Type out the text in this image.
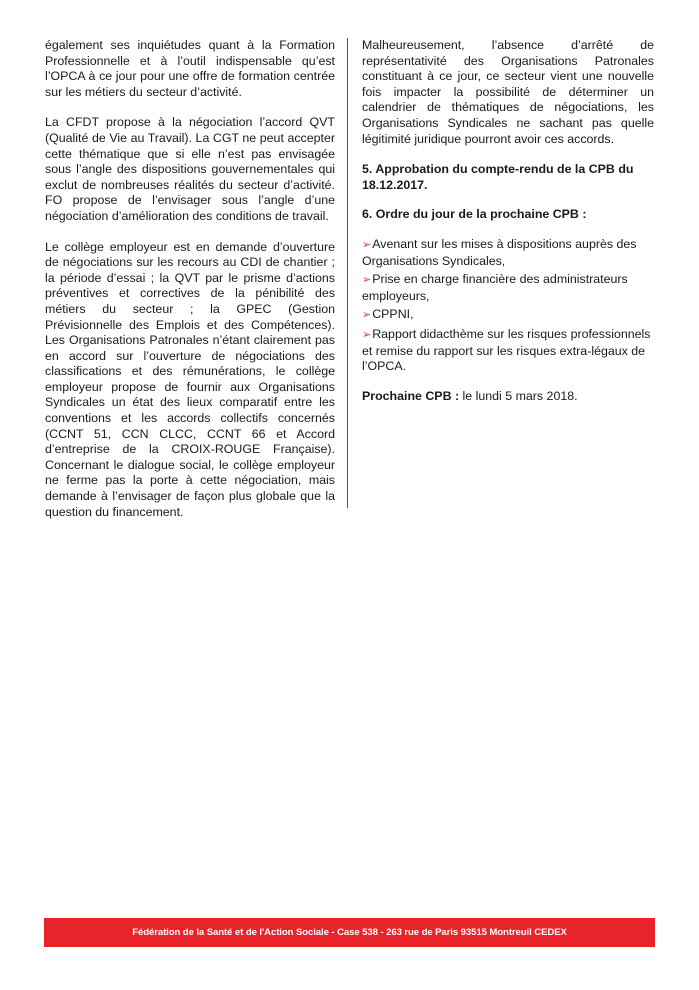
également ses inquiétudes quant à la Formation Professionnelle et à l’outil indispensable qu’est l’OPCA à ce jour pour une offre de formation centrée sur les métiers du secteur d’activité.

La CFDT propose à la négociation l’accord QVT (Qualité de Vie au Travail). La CGT ne peut accepter cette thématique que si elle n’est pas envisagée sous l’angle des dispositions gouvernementales qui exclut de nombreuses réalités du secteur d’activité. FO propose de l’envisager sous l’angle d’une négociation d’amélioration des conditions de travail.

Le collège employeur est en demande d’ouverture de négociations sur les recours au CDI de chantier ; la période d’essai ; la QVT par le prisme d’actions préventives et correctives de la pénibilité des métiers du secteur ; la GPEC (Gestion Prévisionnelle des Emplois et des Compétences). Les Organisations Patronales n’étant clairement pas en accord sur l’ouverture de négociations des classifications et des rémunérations, le collège employeur propose de fournir aux Organisations Syndicales un état des lieux comparatif entre les conventions et les accords collectifs concernés (CCNT 51, CCN CLCC, CCNT 66 et Accord d’entreprise de la CROIX-ROUGE Française). Concernant le dialogue social, le collège employeur ne ferme pas la porte à cette négociation, mais demande à l’envisager de façon plus globale que la question du financement.

Malheureusement, l’absence d’arrêté de représentativité des Organisations Patronales constituant à ce jour, ce secteur vient une nouvelle fois impacter la possibilité de déterminer un calendrier de thématiques de négociations, les Organisations Syndicales ne sachant pas quelle légitimité juridique pourront avoir ces accords.

5. Approbation du compte-rendu de la CPB du 18.12.2017.
6. Ordre du jour de la prochaine CPB :
➢Avenant sur les mises à dispositions auprès des Organisations Syndicales,
➢Prise en charge financière des administrateurs employeurs,
➢CPPNI,
➢Rapport didacthème sur les risques professionnels et remise du rapport sur les risques extra-légaux de l’OPCA.

Prochaine CPB : le lundi 5 mars 2018.

Fédération de la Santé et de l'Action Sociale - Case 538 - 263 rue de Paris 93515 Montreuil CEDEX
